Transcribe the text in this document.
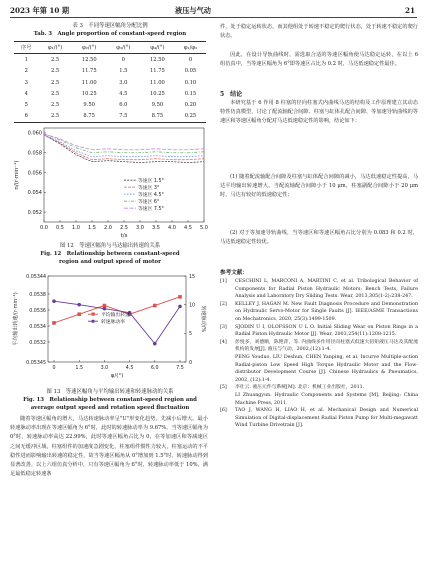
2023 年第 10 期	液压与气动	21
表 3　不同等速区幅角分配比例
Tab. 3　Angle proportion of constant-speed region
序号	φ₁/(°)	φ₂/(°)	φ₃/(°)	φ₄/(°)	φ₁/φ₃
1	2.5	12.50	0	12.50	0
2	2.5	11.75	1.5	11.75	0.05
3	2.5	11.00	3.0	11.00	0.10
4	2.5	10.25	4.5	10.25	0.15
5	2.5	9.50	6.0	9.50	0.20
6	2.5	8.75	7.5	8.75	0.25
0.060
0.058
0.056
0.054
0.052
0.0 0.5 1.0 1.5 2.0 2.5 3.0 3.5 4.0 4.5 5.0
t/s
n/(r·min⁻¹)	等速区 1.5°
等速区 3°
等速区 4.5°
等速区 6°
等速区 7.5°
图 12　等速区幅角与马达输出转速的关系
Fig. 12　Relationship between constant-speed
region and output speed of motor
0.05344
0.0538
0.0536
0.0534
0.0532
0.05345
15
10
5
0
0	1.5	3.0	4.5	6.0	7.5
φ/(°)
平均输出转速/(r·min⁻¹)	转速脉动/%
平均输出转速
转速脉动率
图 13　等速区幅角与平均输出转速和转速脉动的关系
Fig. 13　Relationship between constant-speed region and
average output speed and rotation speed fluctuation
随着等速区幅角的增大，马达转速脉动率呈"U"形变化趋势，先减小后增大。最小转速脉动率出现在等速区幅角为 6°时，此时的转速脉动率为 9.67%。当等速区幅角为 0°时，转速脉动率高达 22.99%，此时等速区幅角占比为 0，在等加速区和等减速区之间无缓冲区域，柱塞组件的加速度急剧变化，柱塞组件惯性力较大，柱塞运动的不平稳性进而影响输出转速的稳定性，故当等速区幅角从 0°增加到 1.5°时，转速脉动得到显著改善。以上六组仿真分析中，只有等速区幅角为 6°时，转速脉动率低于 10%，满足最低稳定转速条
件，处于稳定运转状态，而其他组处于转速不稳定的爬行状态，处于转速不稳定的爬行状态。
因此，在设计导轨曲线时，需选取合适的等速区幅角使马达稳定运转，在以上 6 组仿真中，当等速区幅角为 6°即等速区占比为 0.2 时，马达低速稳定性最佳。
5　结论
本研究基于 6 作用 8 柱塞的径向柱塞式内曲线马达的结构及工作原理建立其动态特性仿真模型，讨论了配流轴配合间隙、柱塞与缸体孔配合间隙、等加速导轨曲线的等速区和等速区幅角分配对马达低速稳定性的影响，结论如下：
(1) 随着配流轴配合间隙及柱塞与缸体配合间隙的减小，马达低速稳定性提高，马达平均输出转速增大。当配流轴配合间隙小于 10 μm，柱塞副配合间隙小于 20 μm 时，马达有较好的低速稳定性；
(2) 对于等加速导轨曲线，当等速区和等速区幅角占比分别为 0.083 和 0.2 时，马达低速稳定性较优。
参考文献：
[1] CESCHINI L, MARCONI A, MARTINI C, et al. Tribological Behavior of Components for Radial Piston Hydraulic Motors: Bench Tests, Failure Analysis and Laboratory Dry Sliding Tests. Wear, 2013,305(1-2):238-247.
[2] KELLEY J, HAGAN M. New Fault Diagnosis Procedure and Demonstration on Hydraulic Servo-Motor for Single Faults [J]. IEEE/ASME Transactions on Mechatronics, 2020, 25(3):1499-1509.
[3] SJODIN U I, OLOFSSON U L O. Initial Sliding Wear on Piston Rings in a Radial Piston Hydraulic Motor [J]. Wear, 2003,254(11):1208-1215.
[4] 彭悦多，刘德顺，陈艳萍，等. 内曲线多作用径向柱塞式低速大扭矩液压马达及其配流机构的发展[J]. 液压与气动，2002,(12):1-4.
PENG Youduo, LIU Deshun, CHEN Yanping, et al. Incurve Multiple-action Radial-piston Low Speed High Torque Hydraulic Motor and the Flow-distributor Development Course [J]. Chinese Hydraulics & Pneumatics, 2002, (12):1-4.
[5] 李壮云. 液压元件与系统[M]. 北京：机械工业出版社，2011.
LI Zhuangyun. Hydraulic Components and Systems [M]. Beijing: China Machine Press, 2011.
[6] TAO J, WANG H, LIAO H, et al. Mechanical Design and Numerical Simulation of Digital-displacement Radial Piston Pump for Multi-megawatt Wind Turbine Drivetrain [J].
